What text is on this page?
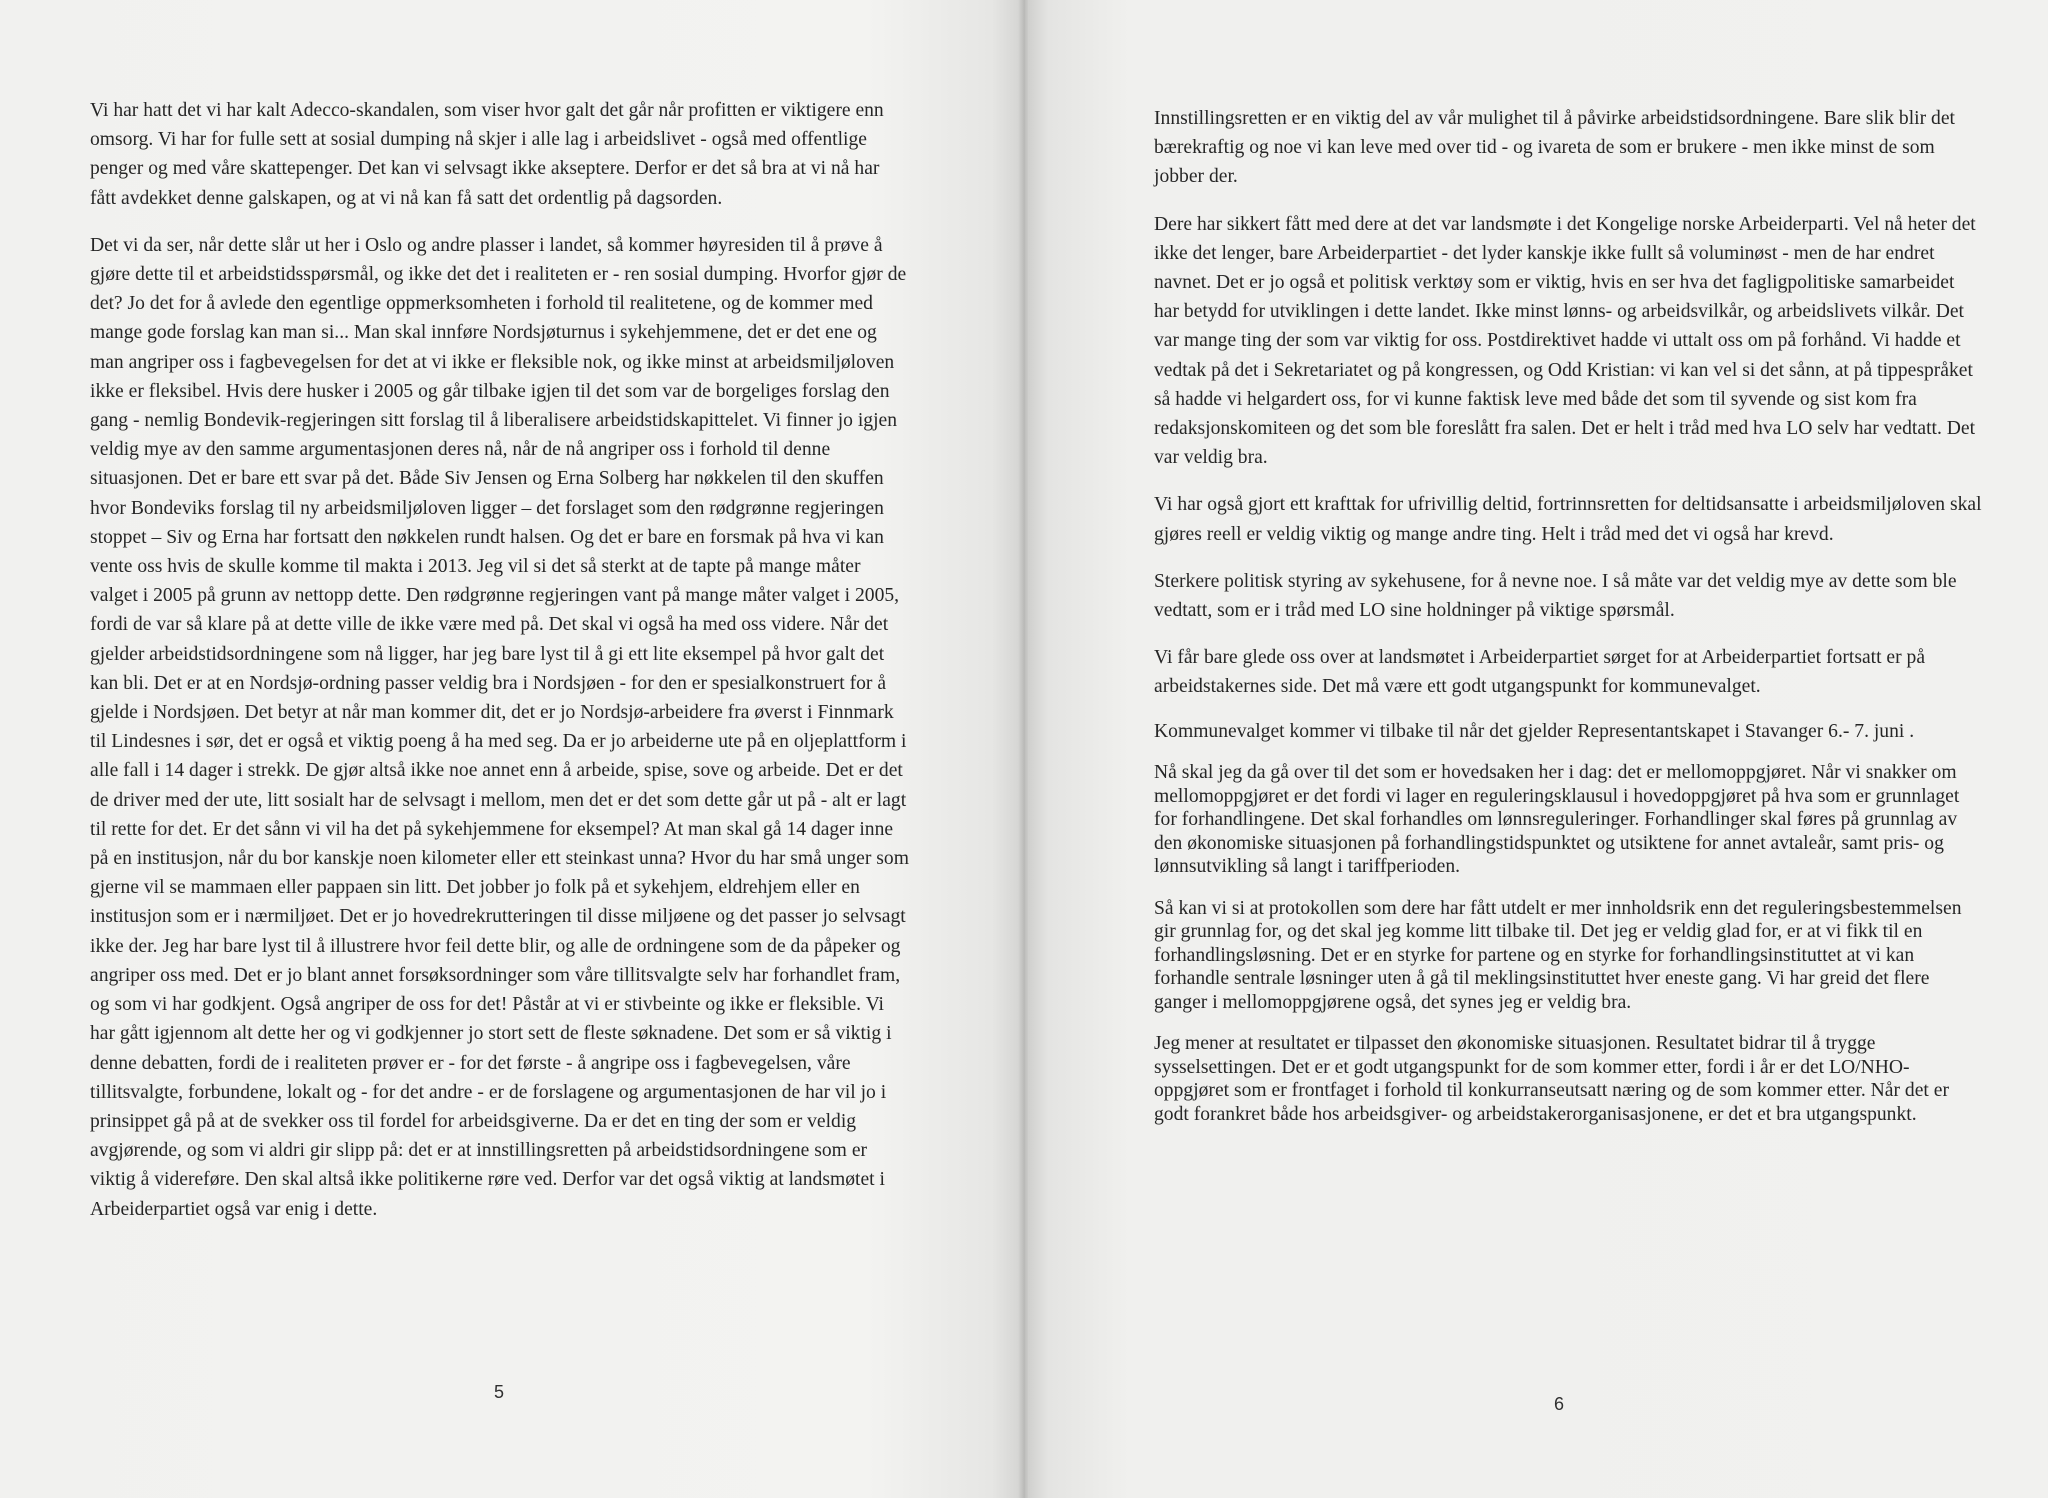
Vi har hatt det vi har kalt Adecco-skandalen, som viser hvor galt det går når profitten er viktigere enn omsorg. Vi har for fulle sett at sosial dumping nå skjer i alle lag i arbeidslivet - også med offentlige penger og med våre skattepenger. Det kan vi selvsagt ikke akseptere. Derfor er det så bra at vi nå har fått avdekket denne galskapen, og at vi nå kan få satt det ordentlig på dagsorden.

Det vi da ser, når dette slår ut her i Oslo og andre plasser i landet, så kommer høyresiden til å prøve å gjøre dette til et arbeidstidsspørsmål, og ikke det det i realiteten er - ren sosial dumping. Hvorfor gjør de det? Jo det for å avlede den egentlige oppmerksomheten i forhold til realitetene, og de kommer med mange gode forslag kan man si... Man skal innføre Nordsjøturnus i sykehjemmene, det er det ene og man angriper oss i fagbevegelsen for det at vi ikke er fleksible nok, og ikke minst at arbeidsmiljøloven ikke er fleksibel. Hvis dere husker i 2005 og går tilbake igjen til det som var de borgeliges forslag den gang - nemlig Bondevik-regjeringen sitt forslag til å liberalisere arbeidstidskapittelet. Vi finner jo igjen veldig mye av den samme argumentasjonen deres nå, når de nå angriper oss i forhold til denne situasjonen. Det er bare ett svar på det. Både Siv Jensen og Erna Solberg har nøkkelen til den skuffen hvor Bondeviks forslag til ny arbeidsmiljøloven ligger – det forslaget som den rødgrønne regjeringen stoppet – Siv og Erna har fortsatt den nøkkelen rundt halsen. Og det er bare en forsmak på hva vi kan vente oss hvis de skulle komme til makta i 2013. Jeg vil si det så sterkt at de tapte på mange måter valget i 2005 på grunn av nettopp dette. Den rødgrønne regjeringen vant på mange måter valget i 2005, fordi de var så klare på at dette ville de ikke være med på. Det skal vi også ha med oss videre. Når det gjelder arbeidstidsordningene som nå ligger, har jeg bare lyst til å gi ett lite eksempel på hvor galt det kan bli. Det er at en Nordsjø-ordning passer veldig bra i Nordsjøen - for den er spesialkonstruert for å gjelde i Nordsjøen. Det betyr at når man kommer dit, det er jo Nordsjø-arbeidere fra øverst i Finnmark til Lindesnes i sør, det er også et viktig poeng å ha med seg. Da er jo arbeiderne ute på en oljeplattform i alle fall i 14 dager i strekk. De gjør altså ikke noe annet enn å arbeide, spise, sove og arbeide. Det er det de driver med der ute, litt sosialt har de selvsagt i mellom, men det er det som dette går ut på - alt er lagt til rette for det. Er det sånn vi vil ha det på sykehjemmene for eksempel? At man skal gå 14 dager inne på en institusjon, når du bor kanskje noen kilometer eller ett steinkast unna? Hvor du har små unger som gjerne vil se mammaen eller pappaen sin litt. Det jobber jo folk på et sykehjem, eldrehjem eller en institusjon som er i nærmiljøet. Det er jo hovedrekrutteringen til disse miljøene og det passer jo selvsagt ikke der. Jeg har bare lyst til å illustrere hvor feil dette blir, og alle de ordningene som de da påpeker og angriper oss med. Det er jo blant annet forsøksordninger som våre tillitsvalgte selv har forhandlet fram, og som vi har godkjent. Også angriper de oss for det! Påstår at vi er stivbeinte og ikke er fleksible. Vi har gått igjennom alt dette her og vi godkjenner jo stort sett de fleste søknadene. Det som er så viktig i denne debatten, fordi de i realiteten prøver er - for det første - å angripe oss i fagbevegelsen, våre tillitsvalgte, forbundene, lokalt og - for det andre - er de forslagene og argumentasjonen de har vil jo i prinsippet gå på at de svekker oss til fordel for arbeidsgiverne. Da er det en ting der som er veldig avgjørende, og som vi aldri gir slipp på: det er at innstillingsretten på arbeidstidsordningene som er viktig å videreføre. Den skal altså ikke politikerne røre ved. Derfor var det også viktig at landsmøtet i Arbeiderpartiet også var enig i dette.

5

Innstillingsretten er en viktig del av vår mulighet til å påvirke arbeidstidsordningene. Bare slik blir det bærekraftig og noe vi kan leve med over tid - og ivareta de som er brukere - men ikke minst de som jobber der.

Dere har sikkert fått med dere at det var landsmøte i det Kongelige norske Arbeiderparti. Vel nå heter det ikke det lenger, bare Arbeiderpartiet - det lyder kanskje ikke fullt så voluminøst - men de har endret navnet. Det er jo også et politisk verktøy som er viktig, hvis en ser hva det fagligpolitiske samarbeidet har betydd for utviklingen i dette landet. Ikke minst lønns- og arbeidsvilkår, og arbeidslivets vilkår. Det var mange ting der som var viktig for oss. Postdirektivet hadde vi uttalt oss om på forhånd. Vi hadde et vedtak på det i Sekretariatet og på kongressen, og Odd Kristian: vi kan vel si det sånn, at på tippespråket så hadde vi helgardert oss, for vi kunne faktisk leve med både det som til syvende og sist kom fra redaksjonskomiteen og det som ble foreslått fra salen. Det er helt i tråd med hva LO selv har vedtatt. Det var veldig bra.

Vi har også gjort ett krafttak for ufrivillig deltid, fortrinnsretten for deltidsansatte i arbeidsmiljøloven skal gjøres reell er veldig viktig og mange andre ting. Helt i tråd med det vi også har krevd.

Sterkere politisk styring av sykehusene, for å nevne noe. I så måte var det veldig mye av dette som ble vedtatt, som er i tråd med LO sine holdninger på viktige spørsmål.

Vi får bare glede oss over at landsmøtet i Arbeiderpartiet sørget for at Arbeiderpartiet fortsatt er på arbeidstakernes side. Det må være ett godt utgangspunkt for kommunevalget.

Kommunevalget kommer vi tilbake til når det gjelder Representantskapet i Stavanger 6.- 7. juni .

Nå skal jeg da gå over til det som er hovedsaken her i dag: det er mellomoppgjøret. Når vi snakker om mellomoppgjøret er det fordi vi lager en reguleringsklausul i hovedoppgjøret på hva som er grunnlaget for forhandlingene. Det skal forhandles om lønnsreguleringer. Forhandlinger skal føres på grunnlag av den økonomiske situasjonen på forhandlingstidspunktet og utsiktene for annet avtaleår, samt pris- og lønnsutvikling så langt i tariffperioden.

Så kan vi si at protokollen som dere har fått utdelt er mer innholdsrik enn det reguleringsbestemmelsen gir grunnlag for, og det skal jeg komme litt tilbake til. Det jeg er veldig glad for, er at vi fikk til en forhandlingsløsning. Det er en styrke for partene og en styrke for forhandlingsinstituttet at vi kan forhandle sentrale løsninger uten å gå til meklingsinstituttet hver eneste gang. Vi har greid det flere ganger i mellomoppgjørene også, det synes jeg er veldig bra.

Jeg mener at resultatet er tilpasset den økonomiske situasjonen. Resultatet bidrar til å trygge sysselsettingen. Det er et godt utgangspunkt for de som kommer etter, fordi i år er det LO/NHO-oppgjøret som er frontfaget i forhold til konkurranseutsatt næring og de som kommer etter. Når det er godt forankret både hos arbeidsgiver- og arbeidstakerorganisasjonene, er det et bra utgangspunkt.

6
